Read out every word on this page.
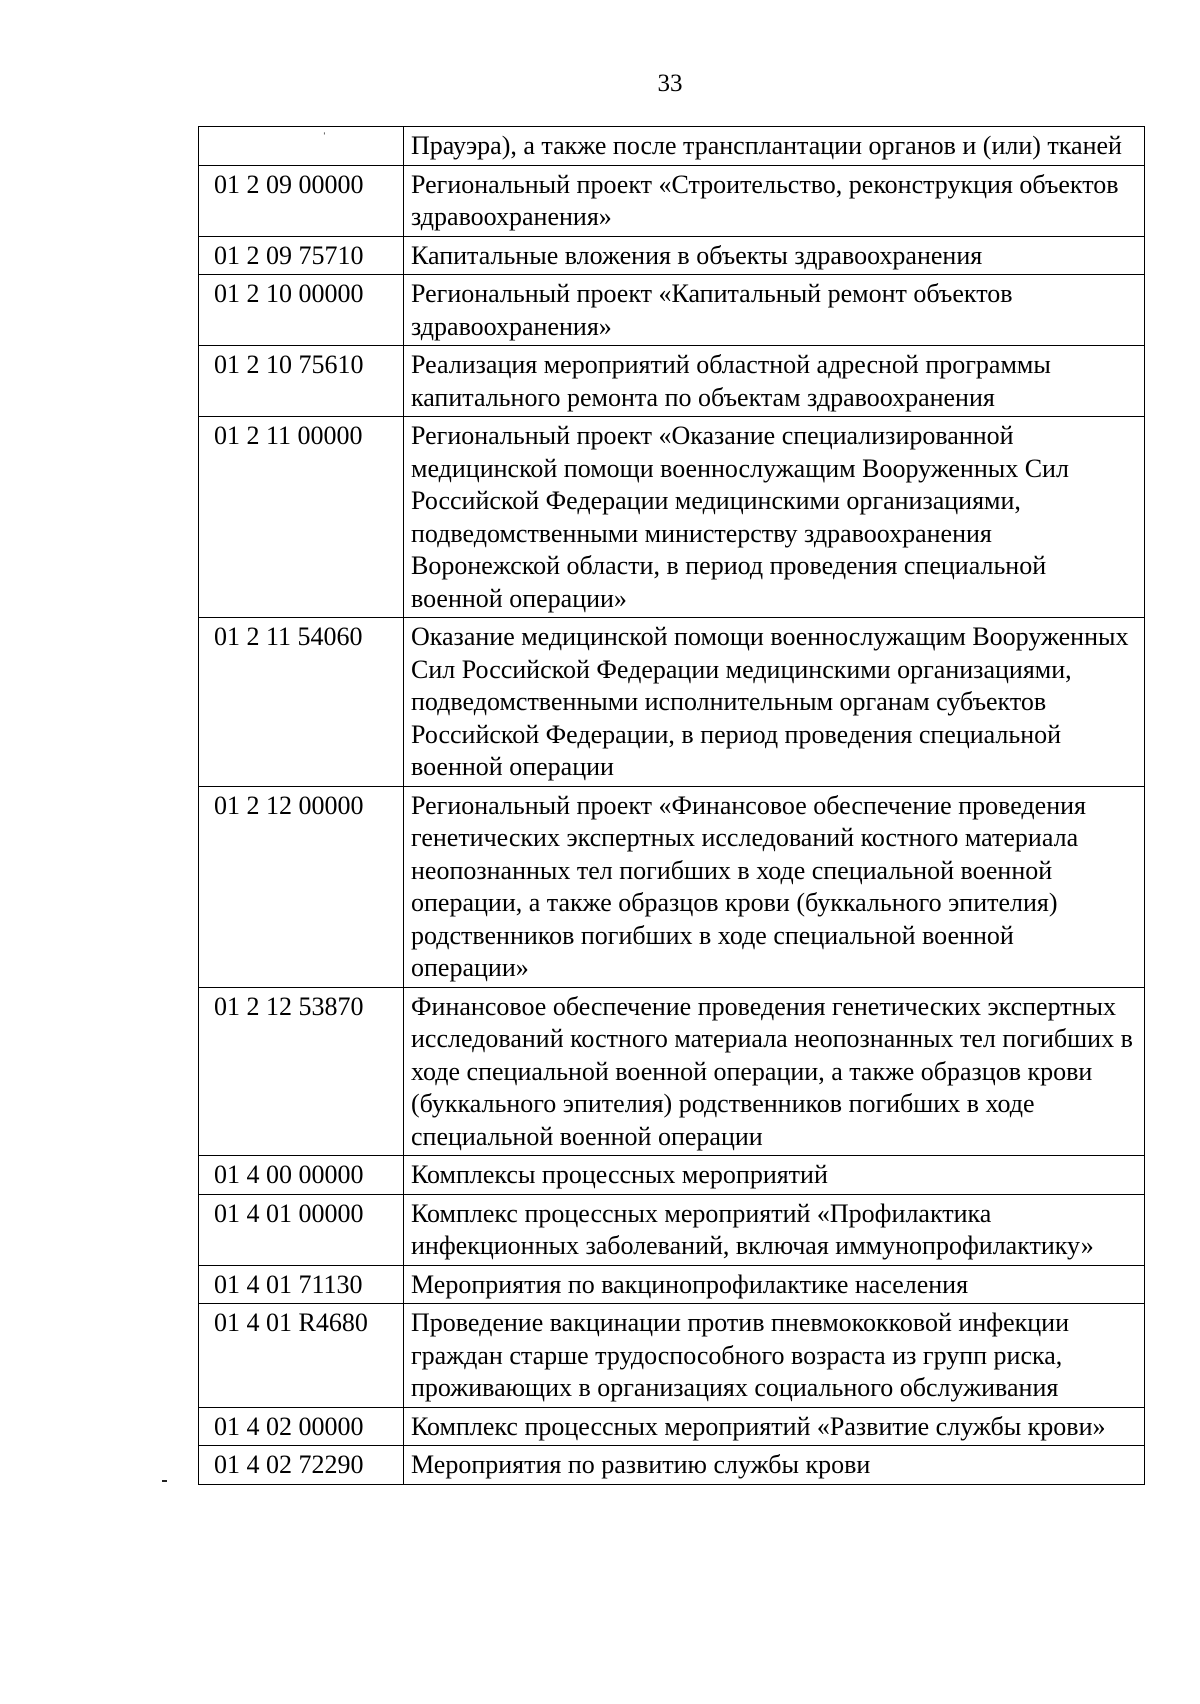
33
ˈ
		Прауэра), а также после трансплантации органов и (или) тканей
01 2 09 00000	Региональный проект «Строительство, реконструкция объектов здравоохранения»
01 2 09 75710	Капитальные вложения в объекты здравоохранения
01 2 10 00000	Региональный проект «Капитальный ремонт объектов здравоохранения»
01 2 10 75610	Реализация мероприятий областной адресной программы капитального ремонта по объектам здравоохранения
01 2 11 00000	Региональный проект «Оказание специализированной медицинской помощи военнослужащим Вооруженных Сил Российской Федерации медицинскими организациями, подведомственными министерству здравоохранения Воронежской области, в период проведения специальной военной операции»
01 2 11 54060	Оказание медицинской помощи военнослужащим Вооруженных Сил Российской Федерации медицинскими организациями, подведомственными исполнительным органам субъектов Российской Федерации, в период проведения специальной военной операции
01 2 12 00000	Региональный проект «Финансовое обеспечение проведения генетических экспертных исследований костного материала неопознанных тел погибших в ходе специальной военной операции, а также образцов крови (буккального эпителия) родственников погибших в ходе специальной военной операции»
01 2 12 53870	Финансовое обеспечение проведения генетических экспертных исследований костного материала неопознанных тел погибших в ходе специальной военной операции, а также образцов крови (буккального эпителия) родственников погибших в ходе специальной военной операции
01 4 00 00000	Комплексы процессных мероприятий
01 4 01 00000	Комплекс процессных мероприятий «Профилактика инфекционных заболеваний, включая иммунопрофилактику»
01 4 01 71130	Мероприятия по вакцинопрофилактике населения
01 4 01 R4680	Проведение вакцинации против пневмококковой инфекции граждан старше трудоспособного возраста из групп риска, проживающих в организациях социального обслуживания
01 4 02 00000	Комплекс процессных мероприятий «Развитие службы крови»
01 4 02 72290	Мероприятия по развитию службы крови
